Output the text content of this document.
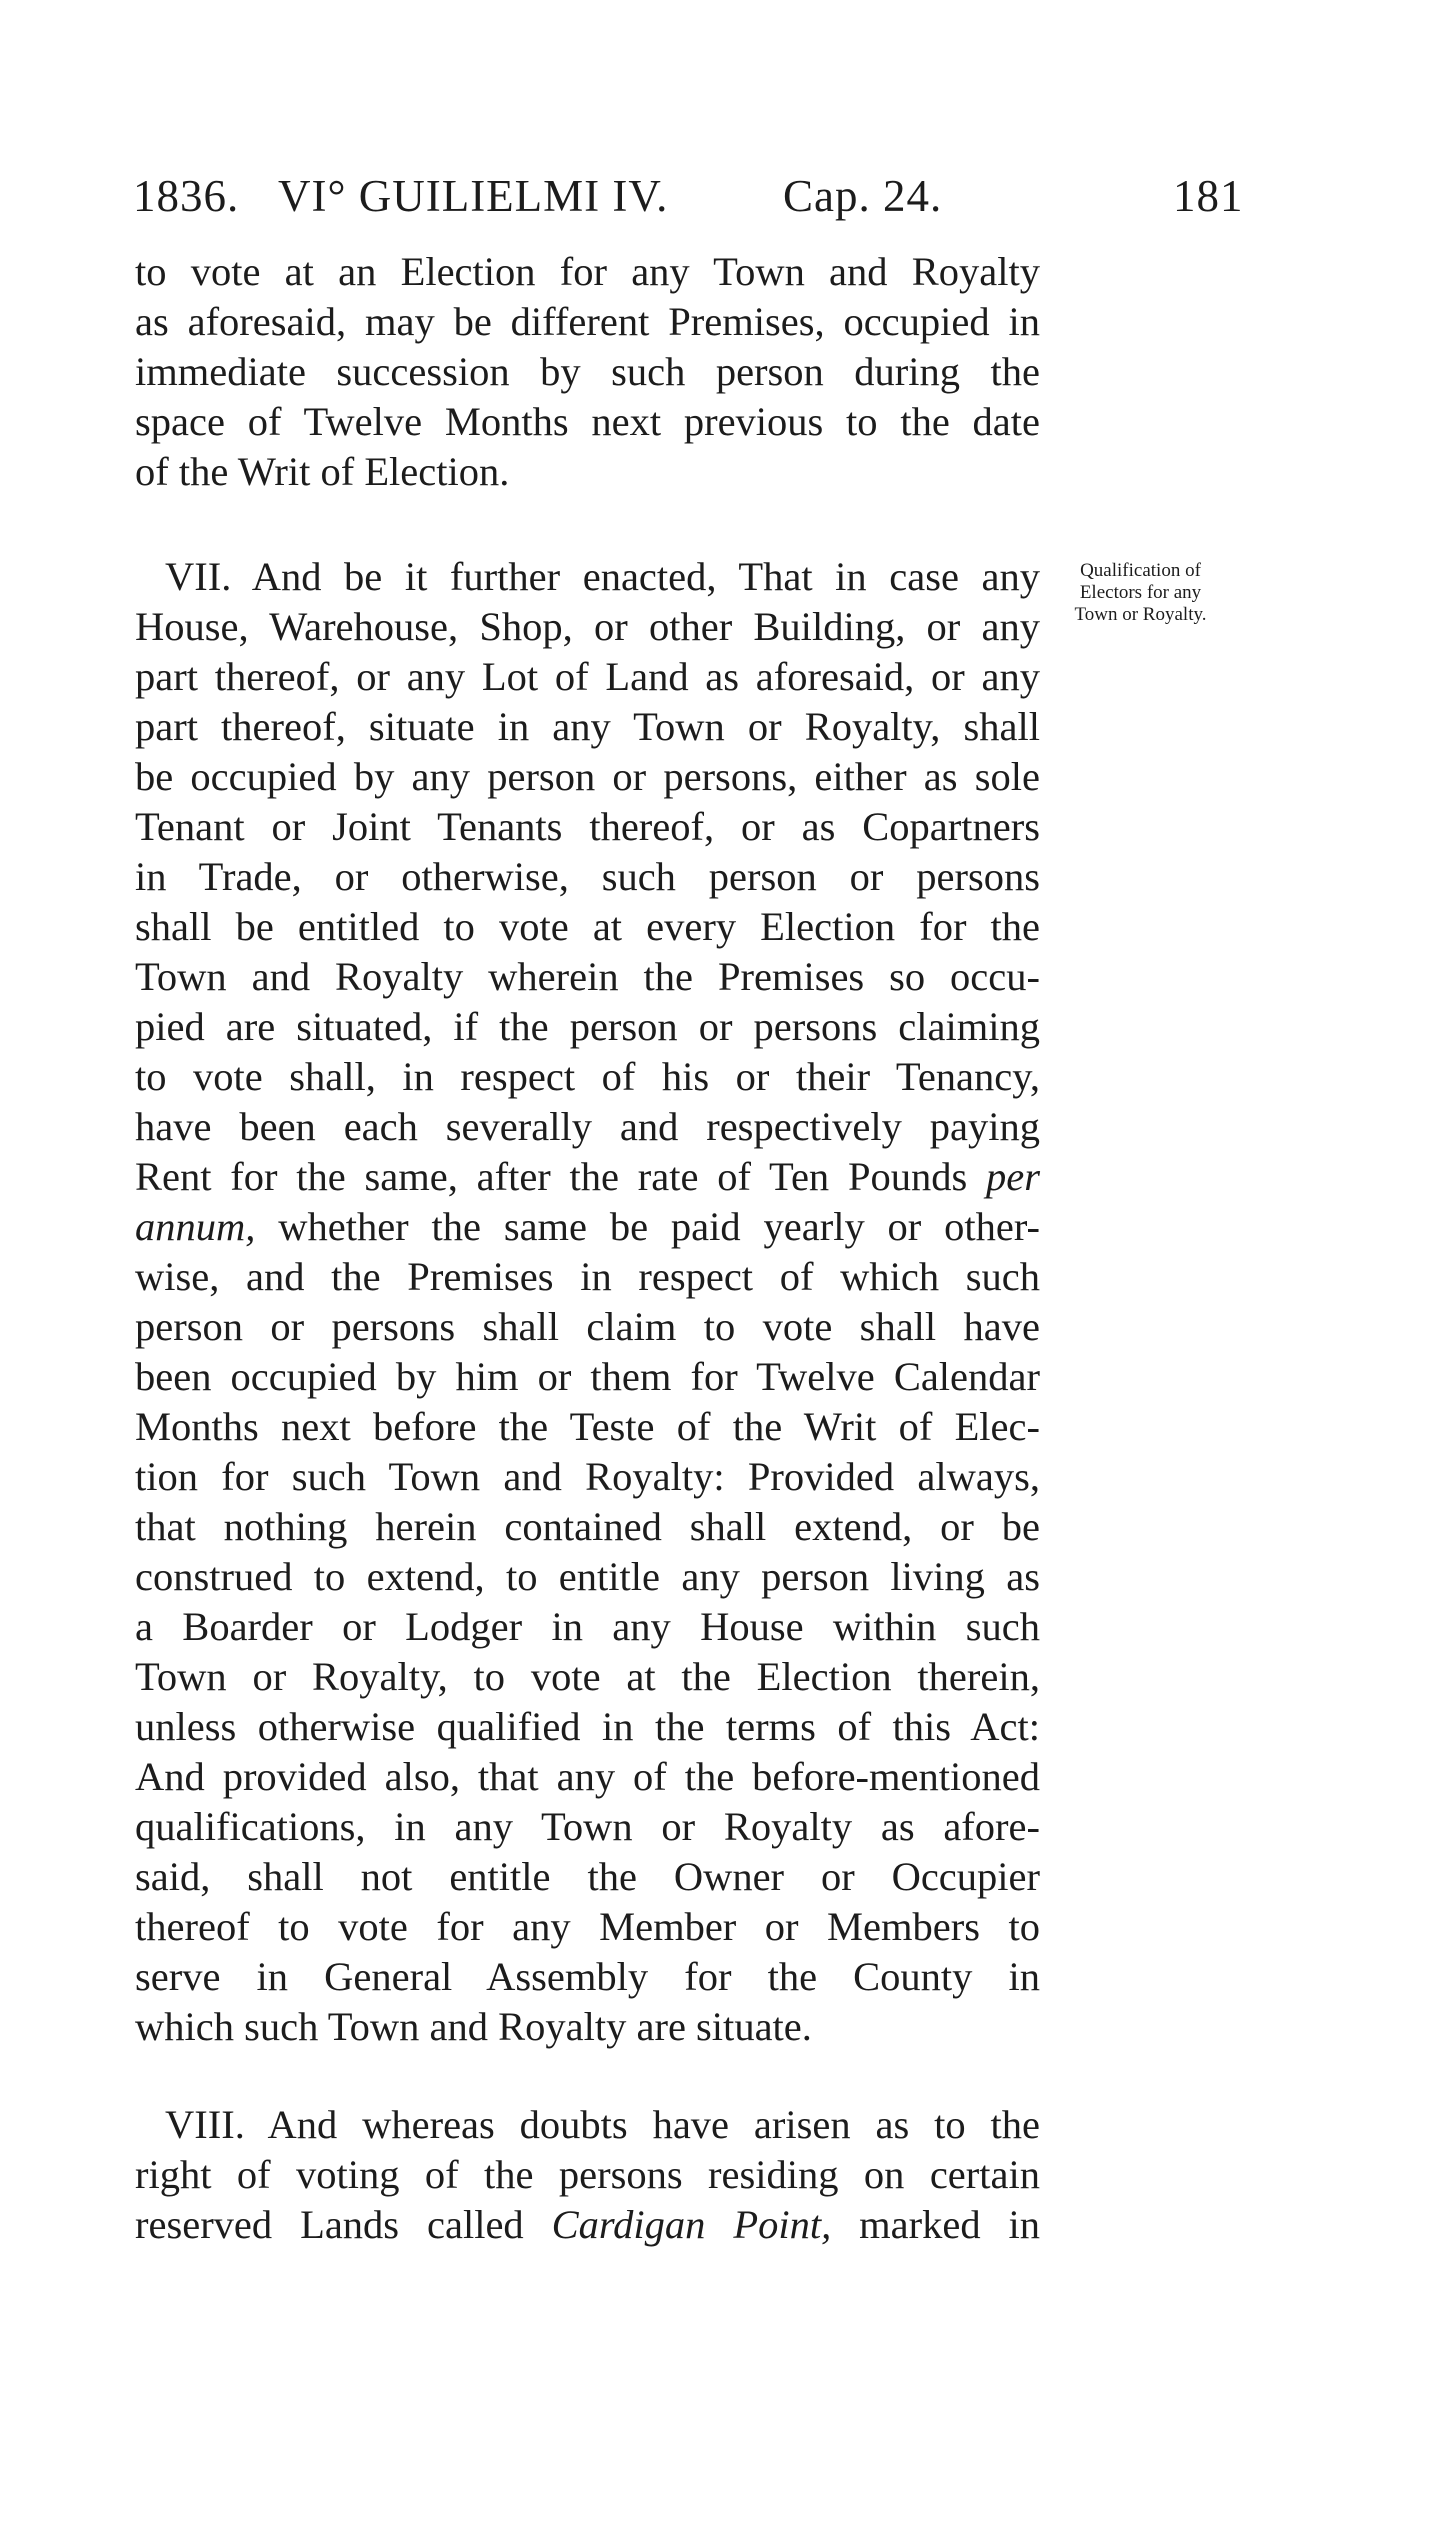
1836. VI° GUILIELMI IV.	Cap. 24.	181
to vote at an Election for any Town and Royalty
as aforesaid, may be different Premises, occupied in
immediate succession by such person during the
space of Twelve Months next previous to the date
of the Writ of Election.
VII. And be it further enacted, That in case any
House, Warehouse, Shop, or other Building, or any
part thereof, or any Lot of Land as aforesaid, or any
part thereof, situate in any Town or Royalty, shall
be occupied by any person or persons, either as sole
Tenant or Joint Tenants thereof, or as Copartners
in Trade, or otherwise, such person or persons
shall be entitled to vote at every Election for the
Town and Royalty wherein the Premises so occu-
pied are situated, if the person or persons claiming
to vote shall, in respect of his or their Tenancy,
have been each severally and respectively paying
Rent for the same, after the rate of Ten Pounds per
annum, whether the same be paid yearly or other-
wise, and the Premises in respect of which such
person or persons shall claim to vote shall have
been occupied by him or them for Twelve Calendar
Months next before the Teste of the Writ of Elec-
tion for such Town and Royalty: Provided always,
that nothing herein contained shall extend, or be
construed to extend, to entitle any person living as
a Boarder or Lodger in any House within such
Town or Royalty, to vote at the Election therein,
unless otherwise qualified in the terms of this Act:
And provided also, that any of the before-mentioned
qualifications, in any Town or Royalty as afore-
said, shall not entitle the Owner or Occupier
thereof to vote for any Member or Members to
serve in General Assembly for the County in
which such Town and Royalty are situate.
Qualification of
Electors for any
Town or Royalty.
VIII. And whereas doubts have arisen as to the
right of voting of the persons residing on certain
reserved Lands called Cardigan Point, marked in
